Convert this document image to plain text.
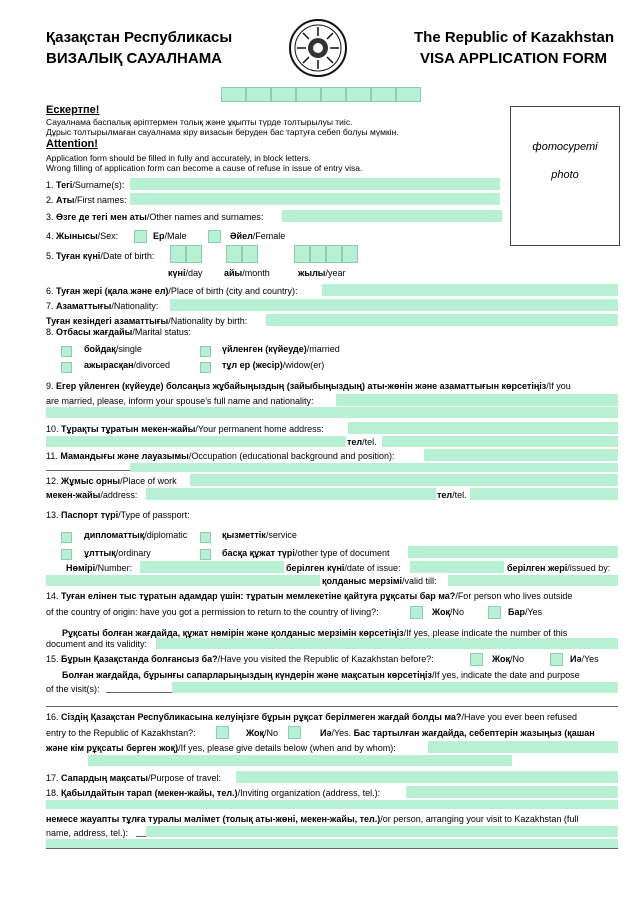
Қазақстан Республикасы
ВИЗАЛЫҚ САУАЛНАМА
The Republic of Kazakhstan
VISA APPLICATION FORM
Ескертпе!
Сауалнама баспалық әріптермен толық және ұқыпты түрде толтырылуы тиіс.
Дұрыс толтырылмаған сауалнама кіру визасын беруден бас тартуға себеп болуы мүмкін.
Attention!
Application form should be filled in fully and accurately, in block letters.
Wrong filling of application form can become a cause of refuse in issue of entry visa.
фотосуреті
photo
1. Тегі/Surname(s):
2. Аты/First names:
3. Өзге де тегі мен аты/Other names and surnames:
4. Жынысы/Sex:	Ер/Male	Әйел/Female
5. Туған күні/Date of birth:
күні/day айы/month	жылы/year
6. Туған жері (қала және ел)/Place of birth (city and country):
7. Азаматтығы/Nationality:
Туған кезіндегі азаматтығы/Nationality by birth:
8. Отбасы жағдайы/Marital status:
бойдақ/single	үйленген (күйеуде)/married
ажырасқан/divorced	тұл ер (жесір)/widow(er)
9. Егер үйленген (күйеуде) болсаңыз жұбайыңыздың (зайыбыңыздың) аты-жөнін және азаматтығын көрсетіңіз/If you
are married, please, inform your spouse’s full name and nationality:
10. Тұрақты тұратын мекен-жайы/Your permanent home address:
тел/tel.
11. Мамандығы және лауазымы/Occupation (educational background and position):
12. Жұмыс орны/Place of work
мекен-жайы/address:	тел/tel.
13. Паспорт түрі/Type of passport:
дипломаттық/diplomatic	қызметтік/service
ұлттық/ordinary	басқа құжат түрі/other type of document
Нөмірі/Number:	берілген күні/date of issue:	берілген жері/issued by:
қолданыс мерзімі/valid till:
14. Туған елінен тыс тұратын адамдар үшін: тұратын мемлекетіне қайтуға рұқсаты бар ма?/For person who lives outside
of the country of origin: have you got a permission to return to the country of living?:	Жоқ/No	Бар/Yes
Рұқсаты болған жағдайда, құжат нөмірін және қолданыс мерзімін көрсетіңіз/If yes, please indicate the number of this
document and its validity:
15. Бұрын Қазақстанда болғансыз ба?/Have you visited the Republic of Kazakhstan before?:	Жоқ/No	Иә/Yes
Болған жағдайда, бұрынғы сапарларыңыздың күндерін және мақсатын көрсетіңіз/If yes, indicate the date and purpose
of the visit(s):
16. Сіздің Қазақстан Республикасына келуіңізге бұрын рұқсат берілмеген жағдай болды ма?/Have you ever been refused
entry to the Republic of Kazakhstan?:	Жоқ/No	Иә/Yes. Бас тартылған жағдайда, себептерін жазыңыз (қашан
және кім рұқсаты берген жоқ)/If yes, please give details below (when and by whom):
17. Сапардың мақсаты/Purpose of travel:
18. Қабылдайтын тарап (мекен-жайы, тел.)/Inviting organization (address, tel.):
немесе жауапты тұлға туралы мәлімет (толық аты-жөні, мекен-жайы, тел.)/or person, arranging your visit to Kazakhstan (full
name, address, tel.):
